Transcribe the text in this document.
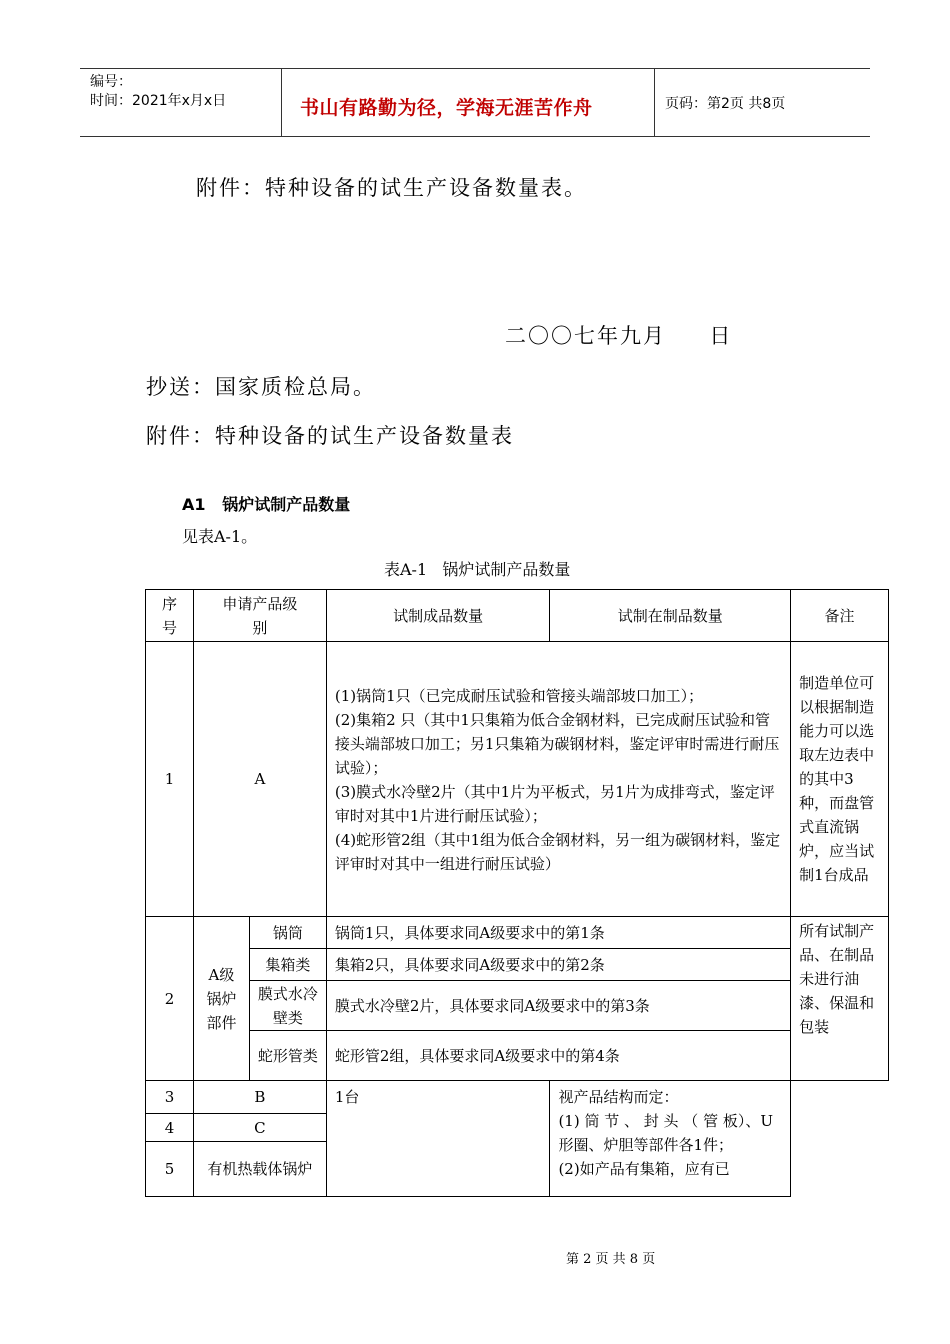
编号：
时间：2021年x月x日	书山有路勤为径，学海无涯苦作舟	页码：第2页 共8页
附件：特种设备的试生产设备数量表。
二〇〇七年九月     日
抄送：国家质检总局。
附件：特种设备的试生产设备数量表
A1   锅炉试制产品数量
见表A-1。
表A-1   锅炉试制产品数量
序号	申请产品级别		试制成品数量	试制在制品数量	备注
1	A		(1)锅筒1只（已完成耐压试验和管接头端部坡口加工）；
(2)集箱2 只（其中1只集箱为低合金钢材料，已完成耐压试验和管接头端部坡口加工；另1只集箱为碳钢材料，鉴定评审时需进行耐压试验）；
(3)膜式水冷壁2片（其中1片为平板式，另1片为成排弯式，鉴定评审时对其中1片进行耐压试验）；
(4)蛇形管2组（其中1组为低合金钢材料，另一组为碳钢材料，鉴定评审时对其中一组进行耐压试验）		制造单位可以根据制造能力可以选取左边表中的其中3种，而盘管式直流锅炉，应当试制1台成品
2	A级锅炉部件	锅筒	锅筒1只，具体要求同A级要求中的第1条		所有试制产品、在制品未进行油漆、保温和包装
		集箱类	集箱2只，具体要求同A级要求中的第2条		
		膜式水冷壁类	膜式水冷壁2片，具体要求同A级要求中的第3条		
		蛇形管类	蛇形管2组，具体要求同A级要求中的第4条		
3	B		1台	视产品结构而定：
(1) 筒 节 、 封 头 （ 管 板）、U形圈、炉胆等部件各1件；
(2)如产品有集箱，应有已	

4	C				
5	有机热载体锅炉				
第 2 页 共 8 页
